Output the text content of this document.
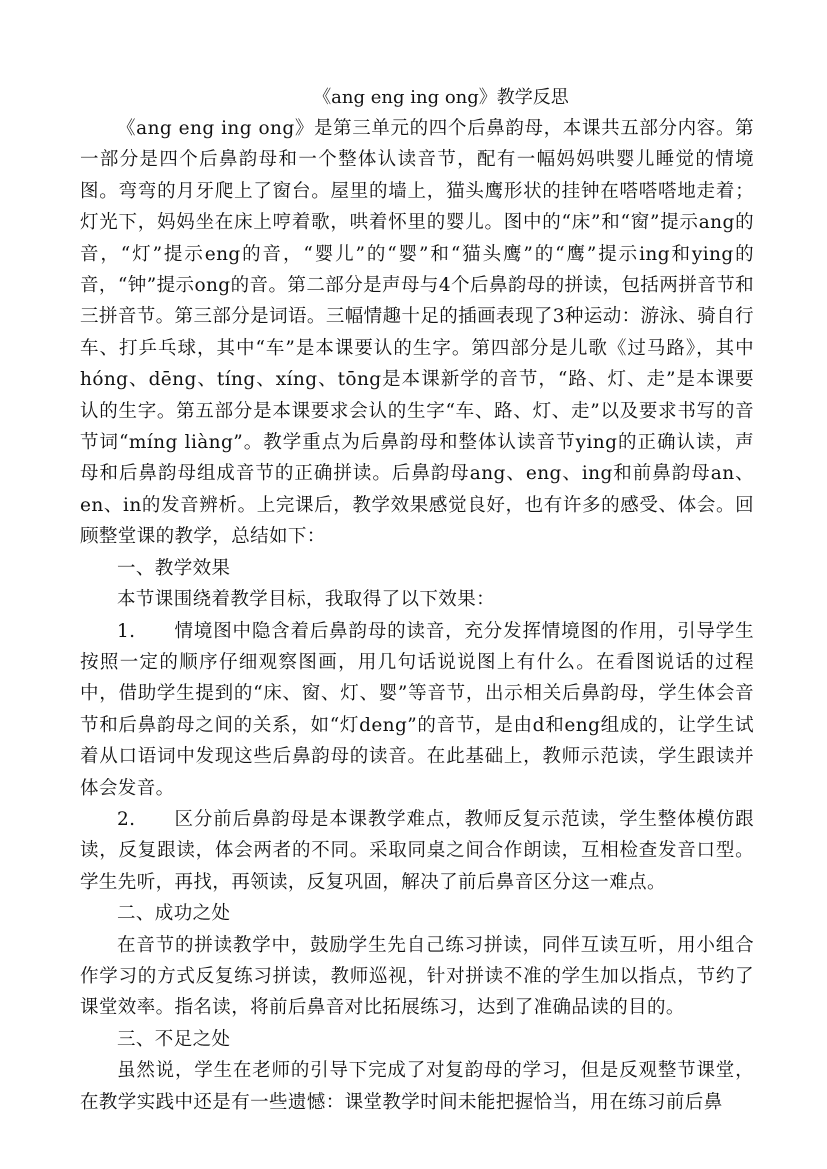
《ang eng ing ong》教学反思

《ang eng ing ong》是第三单元的四个后鼻韵母，本课共五部分内容。第一部分是四个后鼻韵母和一个整体认读音节，配有一幅妈妈哄婴儿睡觉的情境图。弯弯的月牙爬上了窗台。屋里的墙上，猫头鹰形状的挂钟在嗒嗒嗒地走着；灯光下，妈妈坐在床上哼着歌，哄着怀里的婴儿。图中的“床”和“窗”提示ang的音，“灯”提示eng的音，“婴儿”的“婴”和“猫头鹰”的“鹰”提示ing和ying的音，“钟”提示ong的音。第二部分是声母与4个后鼻韵母的拼读，包括两拼音节和三拼音节。第三部分是词语。三幅情趣十足的插画表现了3种运动：游泳、骑自行车、打乒乓球，其中“车”是本课要认的生字。第四部分是儿歌《过马路》，其中hóng、dēng、tíng、xíng、tōng是本课新学的音节，“路、灯、走”是本课要认的生字。第五部分是本课要求会认的生字“车、路、灯、走”以及要求书写的音节词“míng liàng”。教学重点为后鼻韵母和整体认读音节ying的正确认读，声母和后鼻韵母组成音节的正确拼读。后鼻韵母ang、eng、ing和前鼻韵母an、en、in的发音辨析。上完课后，教学效果感觉良好，也有许多的感受、体会。回顾整堂课的教学，总结如下：

一、教学效果

本节课围绕着教学目标，我取得了以下效果：

1.　　情境图中隐含着后鼻韵母的读音，充分发挥情境图的作用，引导学生按照一定的顺序仔细观察图画，用几句话说说图上有什么。在看图说话的过程中，借助学生提到的“床、窗、灯、婴”等音节，出示相关后鼻韵母，学生体会音节和后鼻韵母之间的关系，如“灯deng”的音节，是由d和eng组成的，让学生试着从口语词中发现这些后鼻韵母的读音。在此基础上，教师示范读，学生跟读并体会发音。

2.　　区分前后鼻韵母是本课教学难点，教师反复示范读，学生整体模仿跟读，反复跟读，体会两者的不同。采取同桌之间合作朗读，互相检查发音口型。学生先听，再找，再领读，反复巩固，解决了前后鼻音区分这一难点。

二、成功之处

在音节的拼读教学中，鼓励学生先自己练习拼读，同伴互读互听，用小组合作学习的方式反复练习拼读，教师巡视，针对拼读不准的学生加以指点，节约了课堂效率。指名读，将前后鼻音对比拓展练习，达到了准确品读的目的。

三、不足之处

虽然说，学生在老师的引导下完成了对复韵母的学习，但是反观整节课堂，在教学实践中还是有一些遗憾：课堂教学时间未能把握恰当，用在练习前后鼻
